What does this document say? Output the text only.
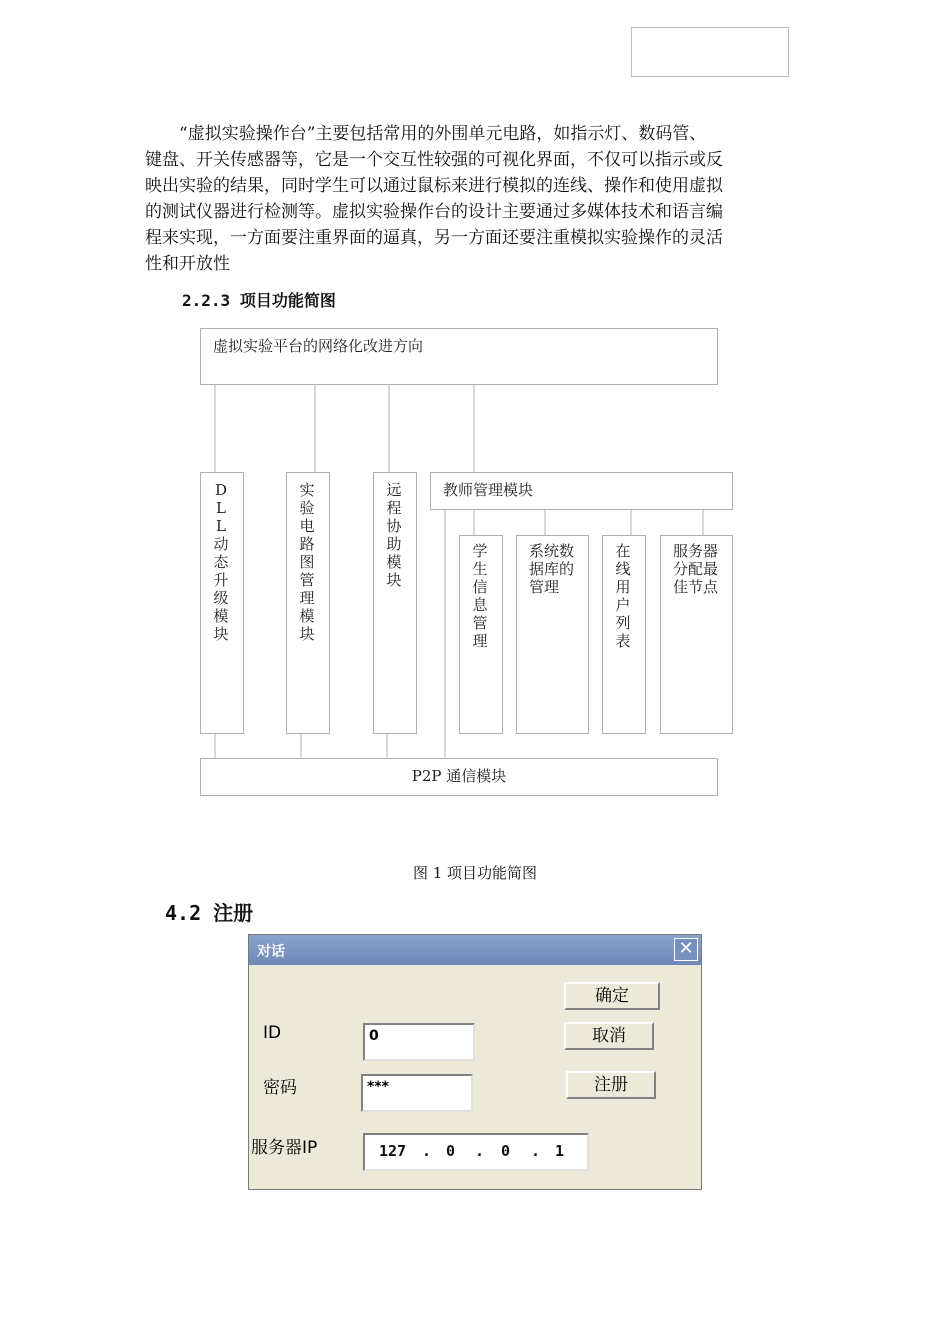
“虚拟实验操作台”主要包括常用的外围单元电路，如指示灯、数码管、
键盘、开关传感器等，它是一个交互性较强的可视化界面，不仅可以指示或反
映出实验的结果，同时学生可以通过鼠标来进行模拟的连线、操作和使用虚拟
的测试仪器进行检测等。虚拟实验操作台的设计主要通过多媒体技术和语言编
程来实现，一方面要注重界面的逼真，另一方面还要注重模拟实验操作的灵活
性和开放性
2.2.3 项目功能简图
虚拟实验平台的网络化改进方向
DLL动态升级模块
实验电路图管理模块
远程协助模块
教师管理模块
学生信息管理
系统数据库的管理
在线用户列表
服务器分配最佳节点
P2P 通信模块
图 1 项目功能简图
4.2 注册
对话	✕
确定
取消
注册
ID	0
密码	***
服务器IP	127 . 0 . 0 . 1
